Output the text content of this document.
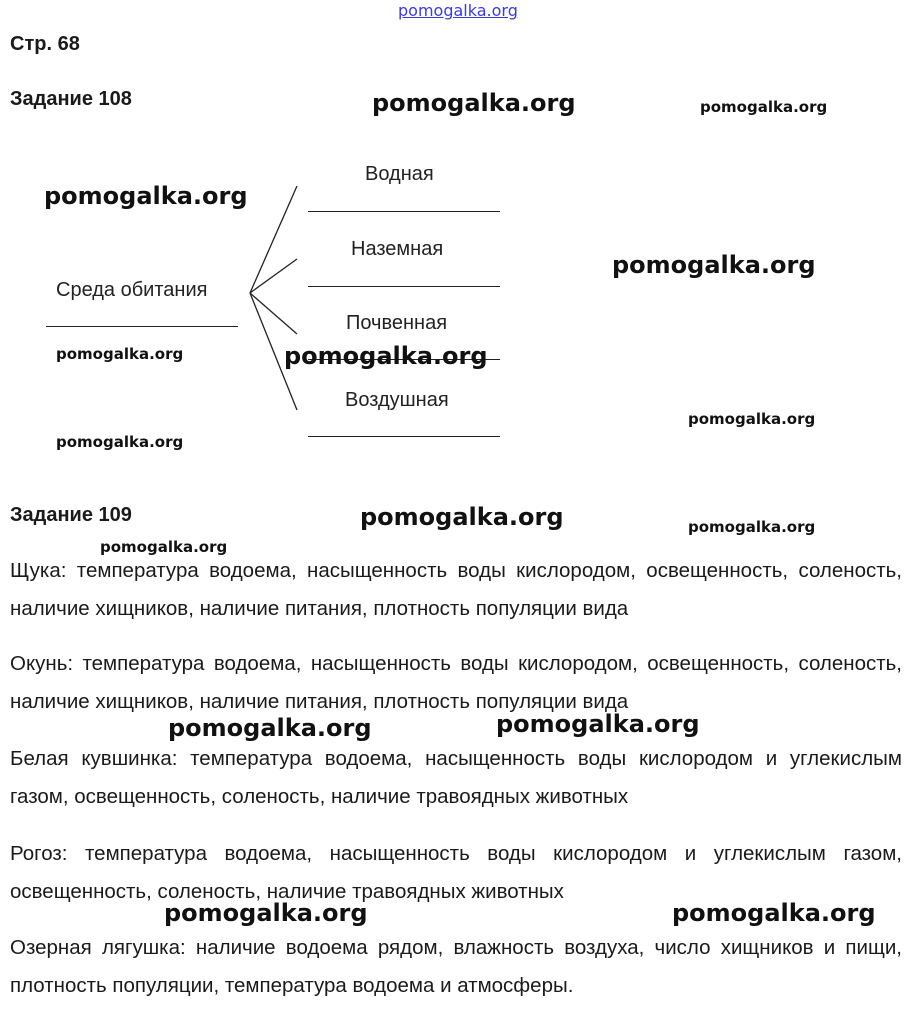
pomogalka.org
Стр. 68
Задание 108
Среда обитания
Водная
Наземная
Почвенная
Воздушная
Задание 109
Щука: температура водоема, насыщенность воды кислородом, освещенность, соленость, наличие хищников, наличие питания, плотность популяции вида
Окунь: температура водоема, насыщенность воды кислородом, освещенность, соленость, наличие хищников, наличие питания, плотность популяции вида
Белая кувшинка: температура водоема, насыщенность воды кислородом и углекислым газом, освещенность, соленость, наличие травоядных животных
Рогоз: температура водоема, насыщенность воды кислородом и углекислым газом, освещенность, соленость, наличие травоядных животных
Озерная лягушка: наличие водоема рядом, влажность воздуха, число хищников и пищи, плотность популяции, температура водоема и атмосферы.
pomogalka.org	pomogalka.org
pomogalka.org
pomogalka.org
pomogalka.org	pomogalka.org
pomogalka.org
pomogalka.org
pomogalka.org	pomogalka.org
pomogalka.org
pomogalka.org	pomogalka.org
pomogalka.org	pomogalka.org
